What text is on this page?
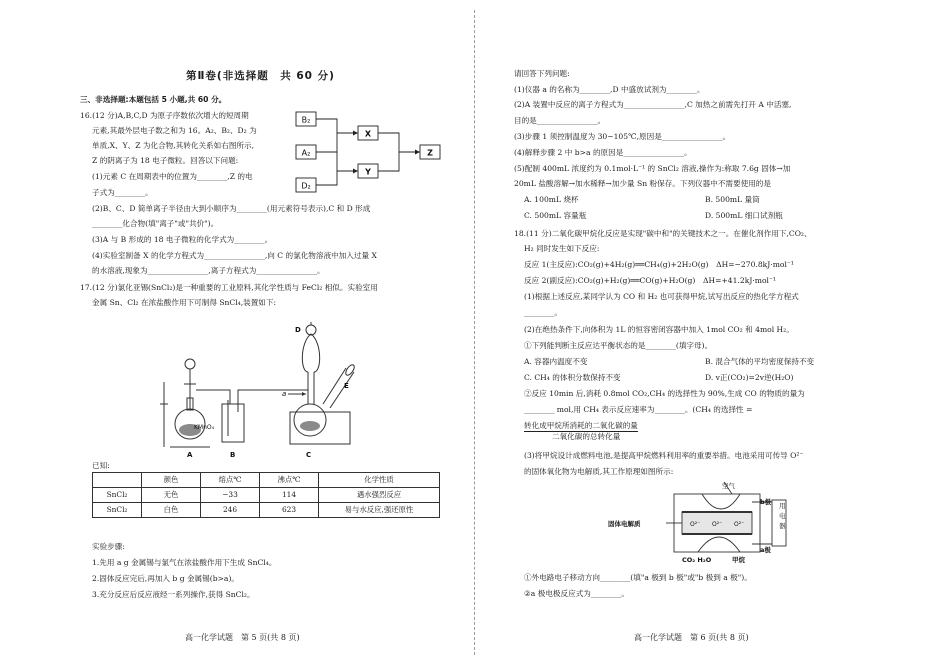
第Ⅱ卷(非选择题　共 60 分)
三、非选择题:本题包括 5 小题,共 60 分。
16.(12 分)A,B,C,D 为原子序数依次增大的短周期
元素,其最外层电子数之和为 16。A₂、B₂、D₂ 为
单质,X、Y、Z 为化合物,其转化关系如右图所示,
Z 的阴离子为 18 电子微粒。回答以下问题:
(1)元素 C 在周期表中的位置为________,Z 的电
子式为________。
(2)B、C、D 简单离子半径由大到小顺序为________(用元素符号表示),C 和 D 形成
________化合物(填"离子"或"共价")。
(3)A 与 B 形成的 18 电子微粒的化学式为________。
(4)实验室制备 X 的化学方程式为________________,向 C 的氯化物溶液中加入过量 X
的水溶液,现象为________________,离子方程式为________________。
B₂
A₂
D₂
X
Y
Z
17.(12 分)氯化亚锡(SnCl₂)是一种重要的工业原料,其化学性质与 FeCl₂ 相似。实验室用
金属 Sn、Cl₂ 在浓盐酸作用下可制得 SnCl₄,装置如下:
KMnO₄
A	B	C
D
E
a
已知:
	颜色	熔点℃	沸点℃	化学性质
SnCl₂	无色	−33	114	遇水强烈反应
SnCl₂	白色	246	623	易与水反应,强还原性
实验步骤:
1.先用 a g 金属锡与氯气在浓盐酸作用下生成 SnCl₄。
2.固体反应完后,再加入 b g 金属锡(b>a)。
3.充分反应后反应液经一系列操作,获得 SnCl₂。
高一化学试题　第 5 页(共 8 页)
请回答下列问题:
(1)仪器 a 的名称为________,D 中盛放试剂为________。
(2)A 装置中反应的离子方程式为________________,C 加热之前需先打开 A 中活塞,
目的是________________。
(3)步骤 1 须控制温度为 30~105℃,原因是________________。
(4)解释步骤 2 中 b>a 的原因是________________。
(5)配制 400mL 浓度约为 0.1mol·L⁻¹ 的 SnCl₂ 溶液,操作为:称取 7.6g 固体→加
20mL 盐酸溶解→加水稀释→加少量 Sn 粉保存。下列仪器中不需要使用的是
A. 100mL 烧杯	B. 500mL 量筒
C. 500mL 容量瓶	D. 500mL 细口试剂瓶
18.(11 分)二氧化碳甲烷化反应是实现"碳中和"的关键技术之一。在催化剂作用下,CO₂、
H₂ 同时发生如下反应:
反应 1(主反应):CO₂(g)+4H₂(g)══CH₄(g)+2H₂O(g)　ΔH=−270.8kJ·mol⁻¹
反应 2(副反应):CO₂(g)+H₂(g)══CO(g)+H₂O(g)　ΔH=+41.2kJ·mol⁻¹
(1)根据上述反应,某同学认为 CO 和 H₂ 也可获得甲烷,试写出反应的热化学方程式
________。
(2)在绝热条件下,向体积为 1L 的恒容密闭容器中加入 1mol CO₂ 和 4mol H₂。
①下列能判断主反应达平衡状态的是________(填字母)。
A. 容器内温度不变	B. 混合气体的平均密度保持不变
C. CH₄ 的体积分数保持不变	D. v正(CO₂)=2v逆(H₂O)
②反应 10min 后,消耗 0.8mol CO₂,CH₄ 的选择性为 90%,生成 CO 的物质的量为
________ mol,用 CH₄ 表示反应速率为________。(CH₄ 的选择性 =
转化成甲烷所消耗的二氧化碳的量
二氧化碳的总转化量
(3)将甲烷设计成燃料电池,是提高甲烷燃料利用率的重要举措。电池采用可传导 O²⁻
的固体氧化物为电解质,其工作原理如图所示:
固体电解质
空气
b极
a极
O²⁻ O²⁻ O²⁻
CO₂ H₂O	甲烷
用电器
①外电路电子移动方向________(填"a 极到 b 极"或"b 极到 a 极")。
②a 极电极反应式为________。
高一化学试题　第 6 页(共 8 页)
